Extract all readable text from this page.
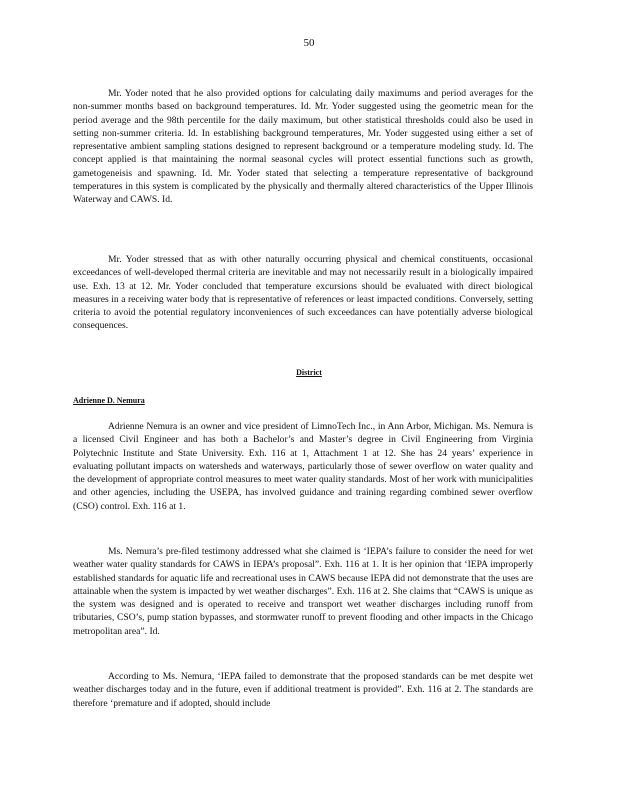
50

Mr. Yoder noted that he also provided options for calculating daily maximums and period averages for the non-summer months based on background temperatures. Id. Mr. Yoder suggested using the geometric mean for the period average and the 98th percentile for the daily maximum, but other statistical thresholds could also be used in setting non-summer criteria. Id. In establishing background temperatures, Mr. Yoder suggested using either a set of representative ambient sampling stations designed to represent background or a temperature modeling study. Id. The concept applied is that maintaining the normal seasonal cycles will protect essential functions such as growth, gametogeneisis and spawning. Id. Mr. Yoder stated that selecting a temperature representative of background temperatures in this system is complicated by the physically and thermally altered characteristics of the Upper Illinois Waterway and CAWS. Id.

Mr. Yoder stressed that as with other naturally occurring physical and chemical constituents, occasional exceedances of well-developed thermal criteria are inevitable and may not necessarily result in a biologically impaired use. Exh. 13 at 12. Mr. Yoder concluded that temperature excursions should be evaluated with direct biological measures in a receiving water body that is representative of references or least impacted conditions. Conversely, setting criteria to avoid the potential regulatory inconveniences of such exceedances can have potentially adverse biological consequences.

District
Adrienne D. Nemura

Adrienne Nemura is an owner and vice president of LimnoTech Inc., in Ann Arbor, Michigan. Ms. Nemura is a licensed Civil Engineer and has both a Bachelor’s and Master’s degree in Civil Engineering from Virginia Polytechnic Institute and State University. Exh. 116 at 1, Attachment 1 at 12. She has 24 years’ experience in evaluating pollutant impacts on watersheds and waterways, particularly those of sewer overflow on water quality and the development of appropriate control measures to meet water quality standards. Most of her work with municipalities and other agencies, including the USEPA, has involved guidance and training regarding combined sewer overflow (CSO) control. Exh. 116 at 1.

Ms. Nemura’s pre-filed testimony addressed what she claimed is ‘IEPA’s failure to consider the need for wet weather water quality standards for CAWS in IEPA’s proposal”. Exh. 116 at 1. It is her opinion that ‘IEPA improperly established standards for aquatic life and recreational uses in CAWS because IEPA did not demonstrate that the uses are attainable when the system is impacted by wet weather discharges”. Exh. 116 at 2. She claims that “CAWS is unique as the system was designed and is operated to receive and transport wet weather discharges including runoff from tributaries, CSO’s, pump station bypasses, and stormwater runoff to prevent flooding and other impacts in the Chicago metropolitan area”. Id.

According to Ms. Nemura, ‘IEPA failed to demonstrate that the proposed standards can be met despite wet weather discharges today and in the future, even if additional treatment is provided”. Exh. 116 at 2. The standards are therefore ‘premature and if adopted, should include
